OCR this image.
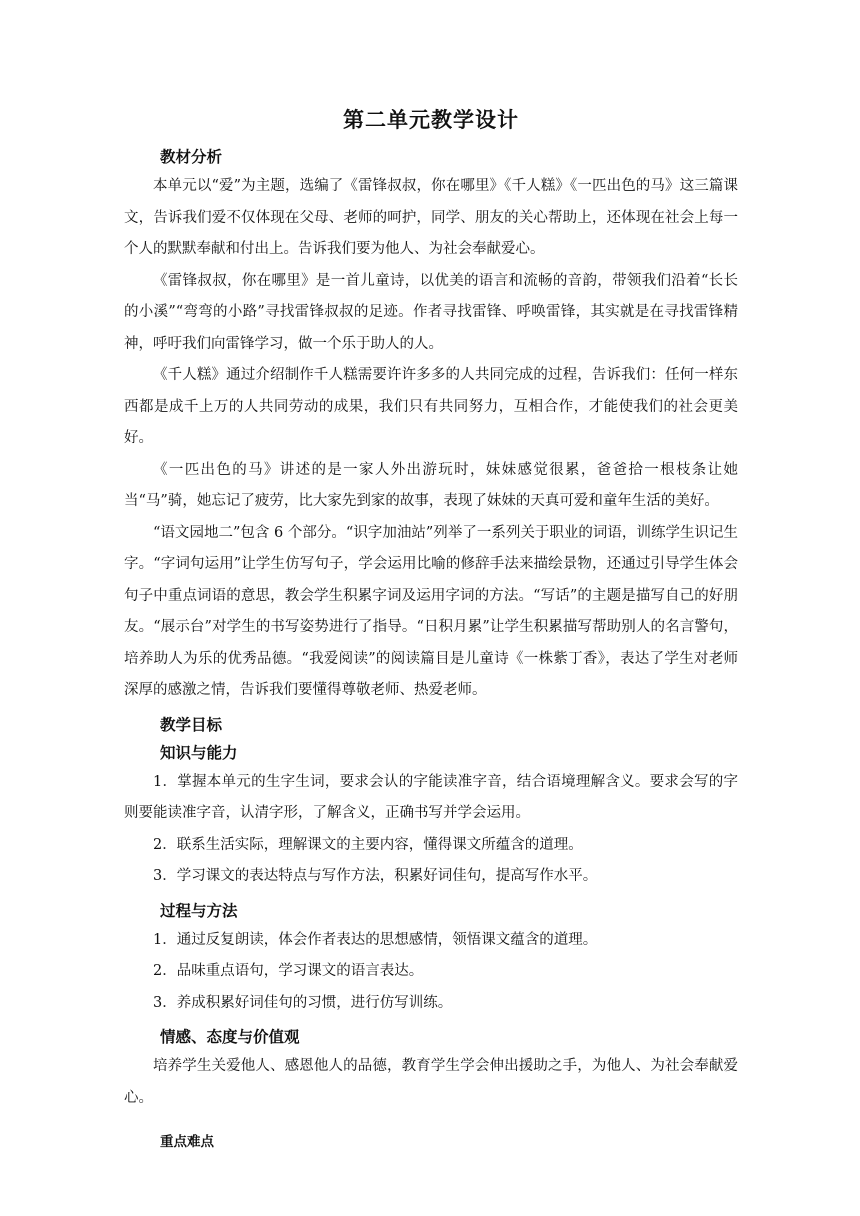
第二单元教学设计
教材分析

本单元以“爱”为主题，选编了《雷锋叔叔，你在哪里》《千人糕》《一匹出色的马》这三篇课文，告诉我们爱不仅体现在父母、老师的呵护，同学、朋友的关心帮助上，还体现在社会上每一个人的默默奉献和付出上。告诉我们要为他人、为社会奉献爱心。

《雷锋叔叔，你在哪里》是一首儿童诗，以优美的语言和流畅的音韵，带领我们沿着“长长的小溪”“弯弯的小路”寻找雷锋叔叔的足迹。作者寻找雷锋、呼唤雷锋，其实就是在寻找雷锋精神，呼吁我们向雷锋学习，做一个乐于助人的人。

《千人糕》通过介绍制作千人糕需要许许多多的人共同完成的过程，告诉我们：任何一样东西都是成千上万的人共同劳动的成果，我们只有共同努力，互相合作，才能使我们的社会更美好。

《一匹出色的马》讲述的是一家人外出游玩时，妹妹感觉很累，爸爸拾一根枝条让她当“马”骑，她忘记了疲劳，比大家先到家的故事，表现了妹妹的天真可爱和童年生活的美好。

“语文园地二”包含 6 个部分。“识字加油站”列举了一系列关于职业的词语，训练学生识记生字。“字词句运用”让学生仿写句子，学会运用比喻的修辞手法来描绘景物，还通过引导学生体会句子中重点词语的意思，教会学生积累字词及运用字词的方法。“写话”的主题是描写自己的好朋友。“展示台”对学生的书写姿势进行了指导。“日积月累”让学生积累描写帮助别人的名言警句，培养助人为乐的优秀品德。“我爱阅读”的阅读篇目是儿童诗《一株紫丁香》，表达了学生对老师深厚的感激之情，告诉我们要懂得尊敬老师、热爱老师。

教学目标
知识与能力

1．掌握本单元的生字生词，要求会认的字能读准字音，结合语境理解含义。要求会写的字则要能读准字音，认清字形，了解含义，正确书写并学会运用。

2．联系生活实际，理解课文的主要内容，懂得课文所蕴含的道理。

3．学习课文的表达特点与写作方法，积累好词佳句，提高写作水平。

过程与方法

1．通过反复朗读，体会作者表达的思想感情，领悟课文蕴含的道理。

2．品味重点语句，学习课文的语言表达。

3．养成积累好词佳句的习惯，进行仿写训练。

情感、态度与价值观

培养学生关爱他人、感恩他人的品德，教育学生学会伸出援助之手，为他人、为社会奉献爱心。

重点难点
